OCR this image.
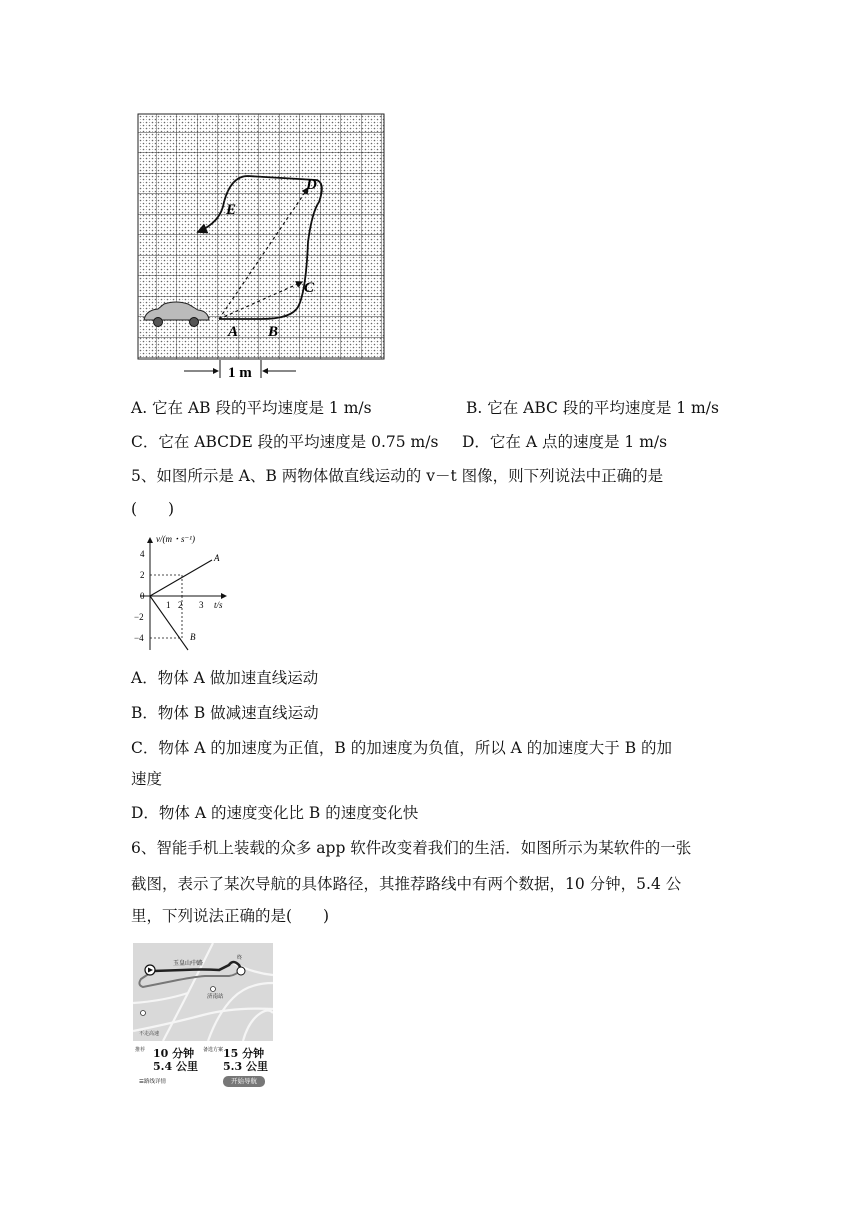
A B
C
D
E
1 m
A. 它在 AB 段的平均速度是 1 m/s	B. 它在 ABC 段的平均速度是 1 m/s
C．它在 ABCDE 段的平均速度是 0.75 m/s D．它在 A 点的速度是 1 m/s
5、如图所示是 A、B 两物体做直线运动的 v－t 图像，则下列说法中正确的是
(　　)
v/(m・s⁻¹)
t/s
4
2
0
−2
−4
1 2 3
A
B
A．物体 A 做加速直线运动
B．物体 B 做减速直线运动
C．物体 A 的加速度为正值，B 的加速度为负值，所以 A 的加速度大于 B 的加
速度
D．物体 A 的速度变化比 B 的速度变化快
6、智能手机上装载的众多 app 软件改变着我们的生活．如图所示为某软件的一张
截图，表示了某次导航的具体路径，其推荐路线中有两个数据，10 分钟，5.4 公
里，下列说法正确的是(　　)
玉皇山中路
济南站
终
不走高速
推荐 10 分钟
5.4 公里
备选方案 15 分钟
5.3 公里
☰路线详情	开始导航
